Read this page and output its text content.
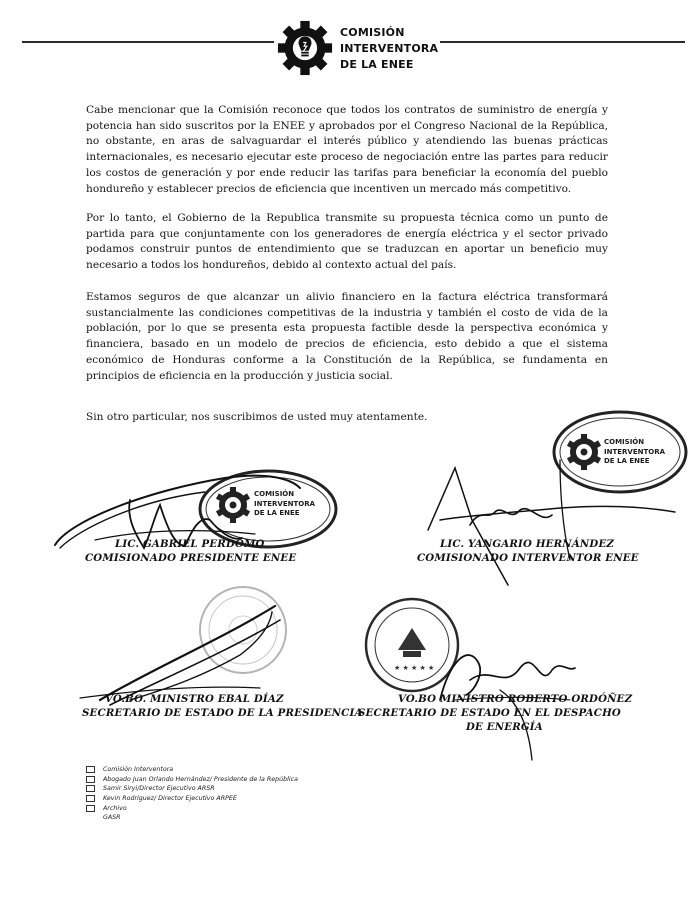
COMISIÓN
INTERVENTORA
DE LA ENEE

Cabe mencionar que la Comisión reconoce que todos los contratos de suministro de energía y potencia han sido suscritos por la ENEE y aprobados por el Congreso Nacional de la República, no obstante, en aras de salvaguardar el interés público y atendiendo las buenas prácticas internacionales, es necesario ejecutar este proceso de negociación entre las partes para reducir los costos de generación y por ende reducir las tarifas para beneficiar la economía del pueblo hondureño y establecer precios de eficiencia que incentiven un mercado más competitivo.

Por lo tanto, el Gobierno de la Republica transmite su propuesta técnica como un punto de partida para que conjuntamente con los generadores de energía eléctrica y el sector privado podamos construir puntos de entendimiento que se traduzcan en aportar un beneficio muy necesario a todos los hondureños, debido al contexto actual del país.

Estamos seguros de que alcanzar un alivio financiero en la factura eléctrica transformará sustancialmente las condiciones competitivas de la industria y también el costo de vida de la población, por lo que se presenta esta propuesta factible desde la perspectiva económica y financiera, basado en un modelo de precios de eficiencia, esto debido a que el sistema económico de Honduras conforme a la Constitución de la República, se fundamenta en principios de eficiencia en la producción y justicia social.

Sin otro particular, nos suscribimos de usted muy atentamente.
★ ★ ★ ★ ★
COMISIÓN
INTERVENTORA
DE LA ENEE
COMISIÓN
INTERVENTORA
DE LA ENEE
LIC. GABRIEL PERDOMO
COMISIONADO PRESIDENTE ENEE
LIC. YANGARIO HERNÁNDEZ
COMISIONADO INTERVENTOR ENEE
VO.BO. MINISTRO EBAL DÍAZ
SECRETARIO DE ESTADO DE LA PRESIDENCIA
VO.BO MINISTRO ROBERTO ORDÓÑEZ
SECRETARIO DE ESTADO EN EL DESPACHO
DE ENERGÍA
Comisión Interventora
Abogado Juan Orlando Hernández/ Presidente de la República
Samir Siryi/Director Ejecutivo ARSR
Kevin Rodríguez/ Director Ejecutivo ARPEE
Archivo
GASR
